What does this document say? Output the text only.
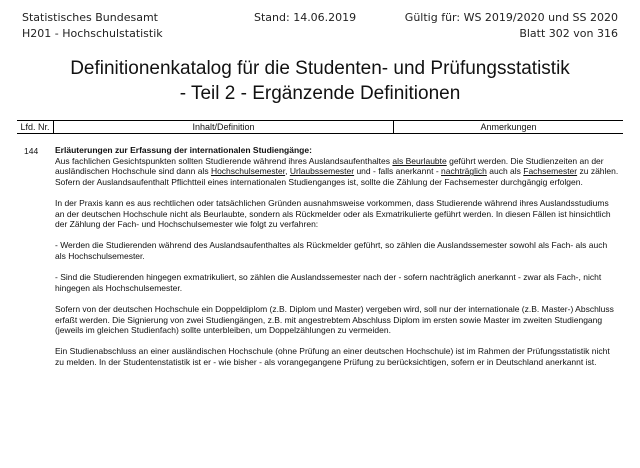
Statistisches Bundesamt
H201 - Hochschulstatistik
Stand: 14.06.2019	Gültig für: WS 2019/2020 und SS 2020
Blatt 302 von 316
Definitionenkatalog für die Studenten- und Prüfungsstatistik
- Teil 2 - Ergänzende Definitionen
Lfd. Nr.	Inhalt/Definition	Anmerkungen
144 Erläuterungen zur Erfassung der internationalen Studiengänge:

Aus fachlichen Gesichtspunkten sollten Studierende während ihres Auslandsaufenthaltes als Beurlaubte geführt werden. Die Studienzeiten an der ausländischen Hochschule sind dann als Hochschulsemester, Urlaubssemester und - falls anerkannt - nachträglich auch als Fachsemester zu zählen. Sofern der Auslandsaufenthalt Pflichtteil eines internationalen Studienganges ist, sollte die Zählung der Fachsemester durchgängig erfolgen.

In der Praxis kann es aus rechtlichen oder tatsächlichen Gründen ausnahmsweise vorkommen, dass Studierende während ihres Auslandsstudiums an der deutschen Hochschule nicht als Beurlaubte, sondern als Rückmelder oder als Exmatrikulierte geführt werden. In diesen Fällen ist hinsichtlich der Zählung der Fach- und Hochschulsemester wie folgt zu verfahren:

- Werden die Studierenden während des Auslandsaufenthaltes als Rückmelder geführt, so zählen die Auslandssemester sowohl als Fach- als auch als Hochschulsemester.

- Sind die Studierenden hingegen exmatrikuliert, so zählen die Auslandssemester nach der - sofern nachträglich anerkannt - zwar als Fach-, nicht hingegen als Hochschulsemester.

Sofern von der deutschen Hochschule ein Doppeldiplom (z.B. Diplom und Master) vergeben wird, soll nur der internationale (z.B. Master-) Abschluss erfaßt werden. Die Signierung von zwei Studiengängen, z.B. mit angestrebtem Abschluss Diplom im ersten sowie Master im zweiten Studiengang (jeweils im gleichen Studienfach) sollte unterbleiben, um Doppelzählungen zu vermeiden.

Ein Studienabschluss an einer ausländischen Hochschule (ohne Prüfung an einer deutschen Hochschule) ist im Rahmen der Prüfungsstatistik nicht zu melden. In der Studentenstatistik ist er - wie bisher - als vorangegangene Prüfung zu berücksichtigen, sofern er in Deutschland anerkannt ist.
